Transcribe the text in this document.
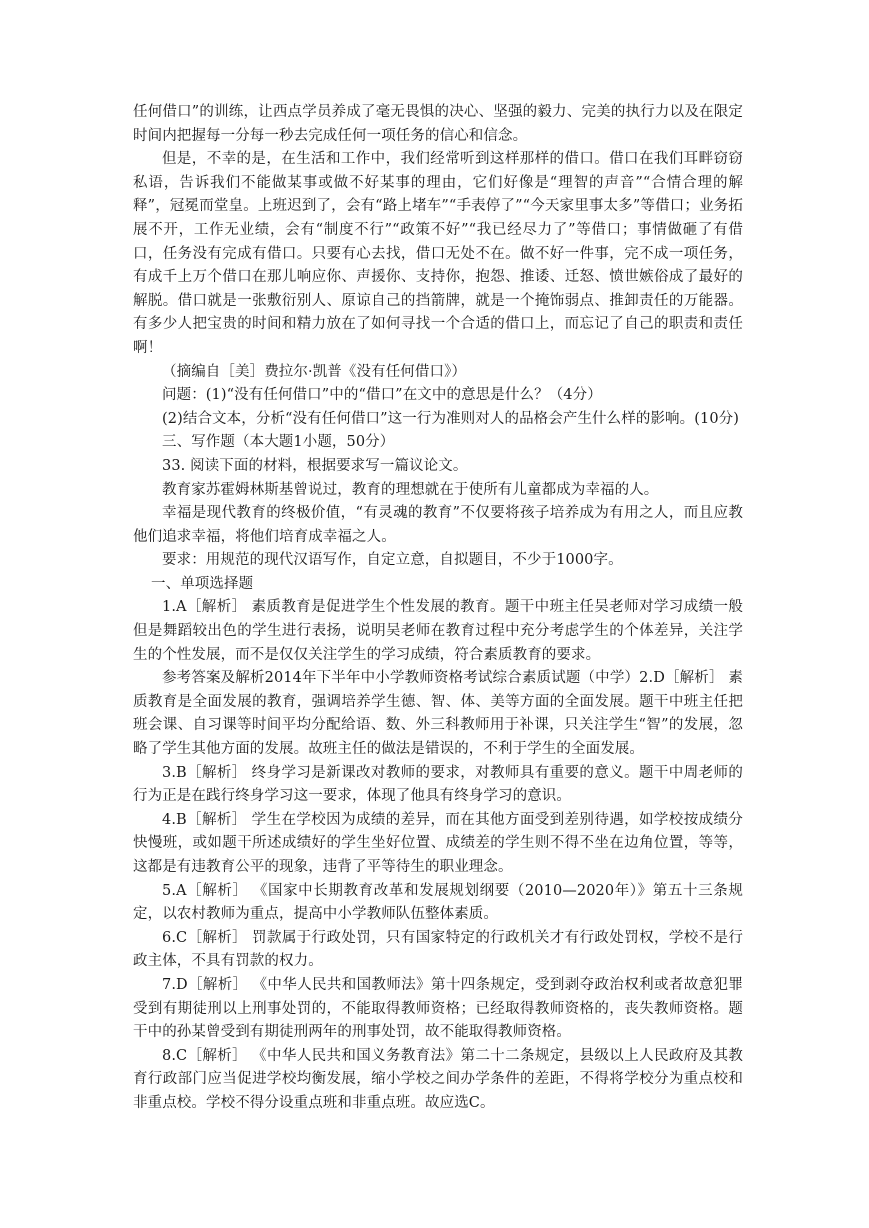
任何借口”的训练，让西点学员养成了毫无畏惧的决心、坚强的毅力、完美的执行力以及在限定时间内把握每一分每一秒去完成任何一项任务的信心和信念。

但是，不幸的是，在生活和工作中，我们经常听到这样那样的借口。借口在我们耳畔窃窃私语，告诉我们不能做某事或做不好某事的理由，它们好像是“理智的声音”“合情合理的解释”，冠冕而堂皇。上班迟到了，会有“路上堵车”“手表停了”“今天家里事太多”等借口；业务拓展不开，工作无业绩，会有“制度不行”“政策不好”“我已经尽力了”等借口；事情做砸了有借口，任务没有完成有借口。只要有心去找，借口无处不在。做不好一件事，完不成一项任务，有成千上万个借口在那儿响应你、声援你、支持你，抱怨、推诿、迁怒、愤世嫉俗成了最好的解脱。借口就是一张敷衍别人、原谅自己的挡箭牌，就是一个掩饰弱点、推卸责任的万能器。有多少人把宝贵的时间和精力放在了如何寻找一个合适的借口上，而忘记了自己的职责和责任啊！

（摘编自［美］费拉尔·凯普《没有任何借口》）

问题：(1)“没有任何借口”中的“借口”在文中的意思是什么？（4分）

(2)结合文本，分析“没有任何借口”这一行为准则对人的品格会产生什么样的影响。(10分)

三、写作题（本大题1小题，50分）

33. 阅读下面的材料，根据要求写一篇议论文。

教育家苏霍姆林斯基曾说过，教育的理想就在于使所有儿童都成为幸福的人。

幸福是现代教育的终极价值，“有灵魂的教育”不仅要将孩子培养成为有用之人，而且应教他们追求幸福，将他们培育成幸福之人。

要求：用规范的现代汉语写作，自定立意，自拟题目，不少于1000字。

一、单项选择题

1.A［解析］ 素质教育是促进学生个性发展的教育。题干中班主任吴老师对学习成绩一般但是舞蹈较出色的学生进行表扬，说明吴老师在教育过程中充分考虑学生的个体差异，关注学生的个性发展，而不是仅仅关注学生的学习成绩，符合素质教育的要求。

参考答案及解析2014年下半年中小学教师资格考试综合素质试题（中学）2.D［解析］ 素质教育是全面发展的教育，强调培养学生德、智、体、美等方面的全面发展。题干中班主任把班会课、自习课等时间平均分配给语、数、外三科教师用于补课，只关注学生“智”的发展，忽略了学生其他方面的发展。故班主任的做法是错误的，不利于学生的全面发展。

3.B［解析］ 终身学习是新课改对教师的要求，对教师具有重要的意义。题干中周老师的行为正是在践行终身学习这一要求，体现了他具有终身学习的意识。

4.B［解析］ 学生在学校因为成绩的差异，而在其他方面受到差别待遇，如学校按成绩分快慢班，或如题干所述成绩好的学生坐好位置、成绩差的学生则不得不坐在边角位置，等等，这都是有违教育公平的现象，违背了平等待生的职业理念。

5.A［解析］ 《国家中长期教育改革和发展规划纲要（2010—2020年）》第五十三条规定，以农村教师为重点，提高中小学教师队伍整体素质。

6.C［解析］ 罚款属于行政处罚，只有国家特定的行政机关才有行政处罚权，学校不是行政主体，不具有罚款的权力。

7.D［解析］ 《中华人民共和国教师法》第十四条规定，受到剥夺政治权利或者故意犯罪受到有期徒刑以上刑事处罚的，不能取得教师资格；已经取得教师资格的，丧失教师资格。题干中的孙某曾受到有期徒刑两年的刑事处罚，故不能取得教师资格。

8.C［解析］ 《中华人民共和国义务教育法》第二十二条规定，县级以上人民政府及其教育行政部门应当促进学校均衡发展，缩小学校之间办学条件的差距，不得将学校分为重点校和非重点校。学校不得分设重点班和非重点班。故应选C。
